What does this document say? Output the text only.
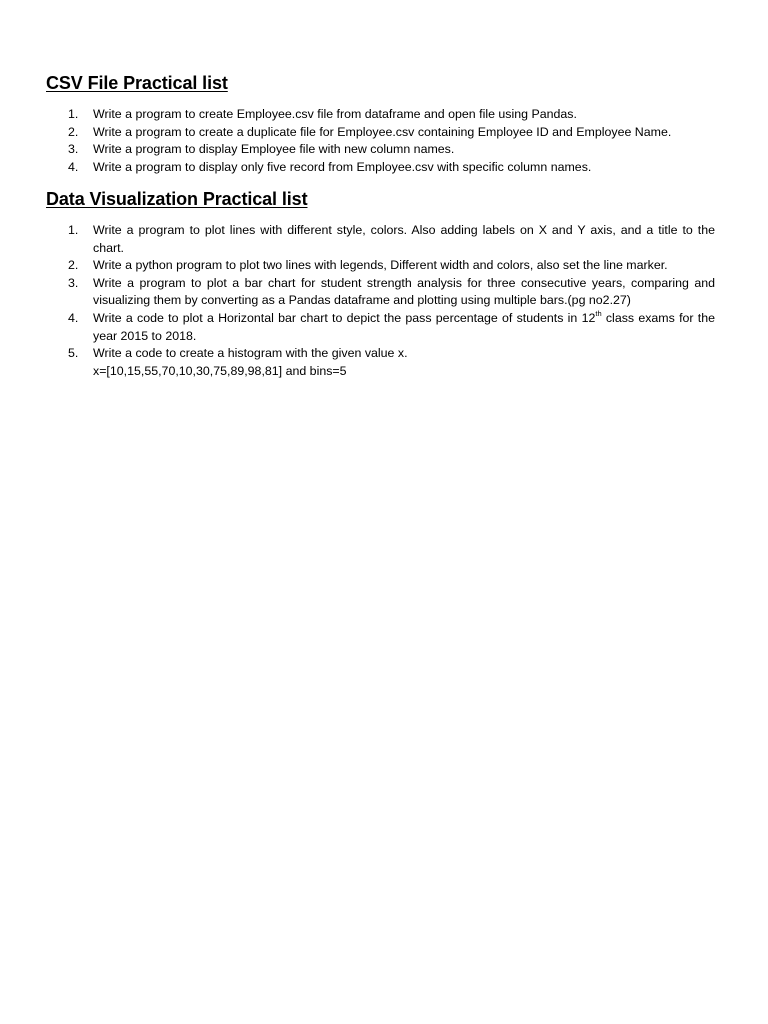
CSV File Practical list
1.	Write a program to create Employee.csv file from dataframe and open file using Pandas.
2.	Write a program to create a duplicate file for Employee.csv containing Employee ID and Employee Name.
3.	Write a program to display Employee file with new column names.
4.	Write a program to display only five record from Employee.csv with specific column names.
Data Visualization Practical list
1.	Write a program to plot lines with different style, colors. Also adding labels on X and Y axis, and a title to the chart.
2.	Write a python program to plot two lines with legends, Different width and colors, also set the line marker.
3.	Write a program to plot a bar chart for student strength analysis for three consecutive years, comparing and visualizing them by converting as a Pandas dataframe and plotting using multiple bars.(pg no2.27)
4.	Write a code to plot a Horizontal bar chart to depict the pass percentage of students in 12th class exams for the year 2015 to 2018.
5.	Write a code to create a histogram with the given value x.
x=[10,15,55,70,10,30,75,89,98,81] and bins=5
